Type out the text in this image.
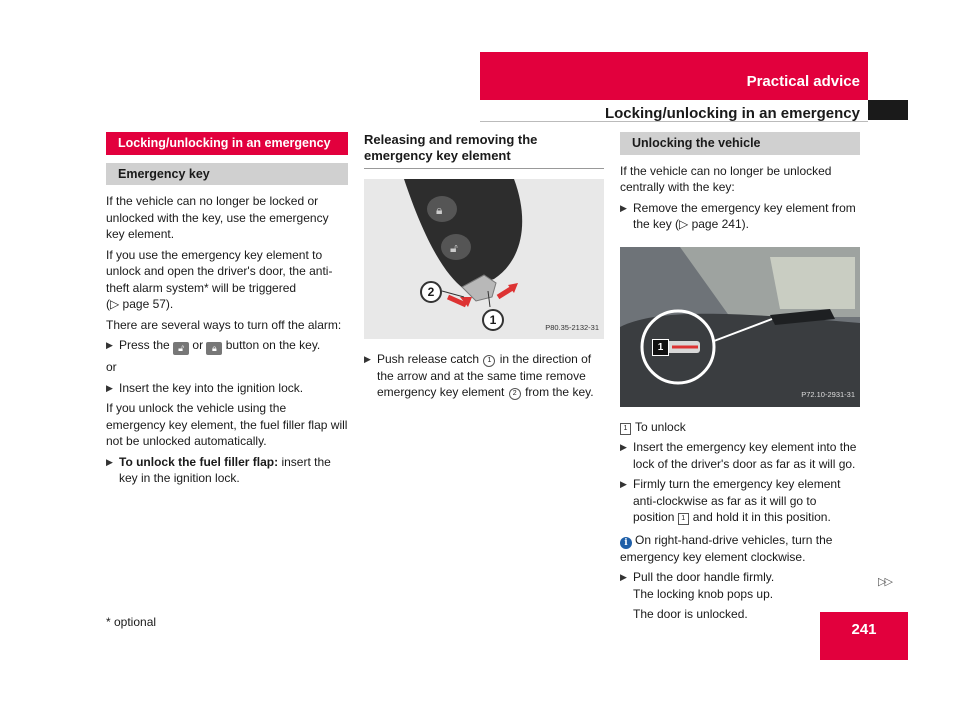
Practical advice
Locking/unlocking in an emergency
Locking/unlocking in an emergency
Emergency key

If the vehicle can no longer be locked or unlocked with the key, use the emergency key element.

If you use the emergency key element to unlock and open the driver's door, the anti-theft alarm system* will be triggered
(▷ page 57).

There are several ways to turn off the alarm:

▶ Press the 🔓︎ or 🔒︎ button on the key.

or

▶ Insert the key into the ignition lock.

If you unlock the vehicle using the emergency key element, the fuel filler flap will not be unlocked automatically.

▶ To unlock the fuel filler flap: insert the key in the ignition lock.
Releasing and removing the emergency key element
🔒︎
🔓︎
2
1	P80.35-2132-31
▶ Push release catch 1 in the direction of the arrow and at the same time remove emergency key element 2 from the key.
Unlocking the vehicle

If the vehicle can no longer be unlocked centrally with the key:

▶ Remove the emergency key element from the key (▷ page 241).
1
P72.10-2931-31

1 To unlock

▶ Insert the emergency key element into the lock of the driver's door as far as it will go.
▶ Firmly turn the emergency key element anti-clockwise as far as it will go to position 1 and hold it in this position.

i On right-hand-drive vehicles, turn the emergency key element clockwise.

▶ Pull the door handle firmly.
The locking knob pops up.

The door is unlocked.

▷▷
* optional	241
